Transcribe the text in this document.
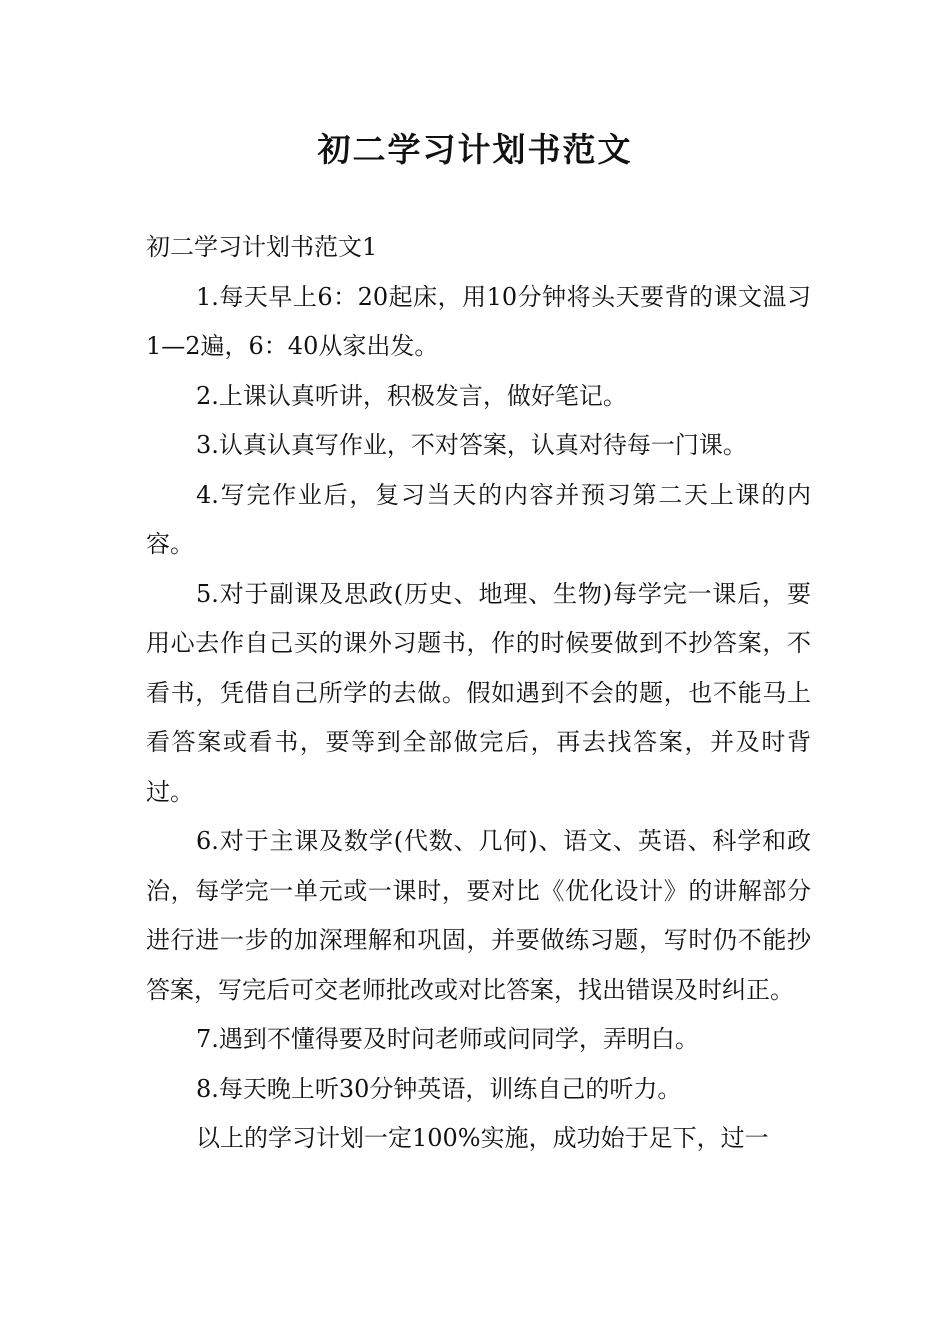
初二学习计划书范文

初二学习计划书范文1

1.每天早上6：20起床，用10分钟将头天要背的课文温习1—2遍，6：40从家出发。

2.上课认真听讲，积极发言，做好笔记。

3.认真认真写作业，不对答案，认真对待每一门课。

4.写完作业后，复习当天的内容并预习第二天上课的内容。

5.对于副课及思政(历史、地理、生物)每学完一课后，要用心去作自己买的课外习题书，作的时候要做到不抄答案，不看书，凭借自己所学的去做。假如遇到不会的题，也不能马上看答案或看书，要等到全部做完后，再去找答案，并及时背过。

6.对于主课及数学(代数、几何)、语文、英语、科学和政治，每学完一单元或一课时，要对比《优化设计》的讲解部分进行进一步的加深理解和巩固，并要做练习题，写时仍不能抄答案，写完后可交老师批改或对比答案，找出错误及时纠正。

7.遇到不懂得要及时问老师或问同学，弄明白。

8.每天晚上听30分钟英语，训练自己的听力。

以上的学习计划一定100%实施，成功始于足下，过一
